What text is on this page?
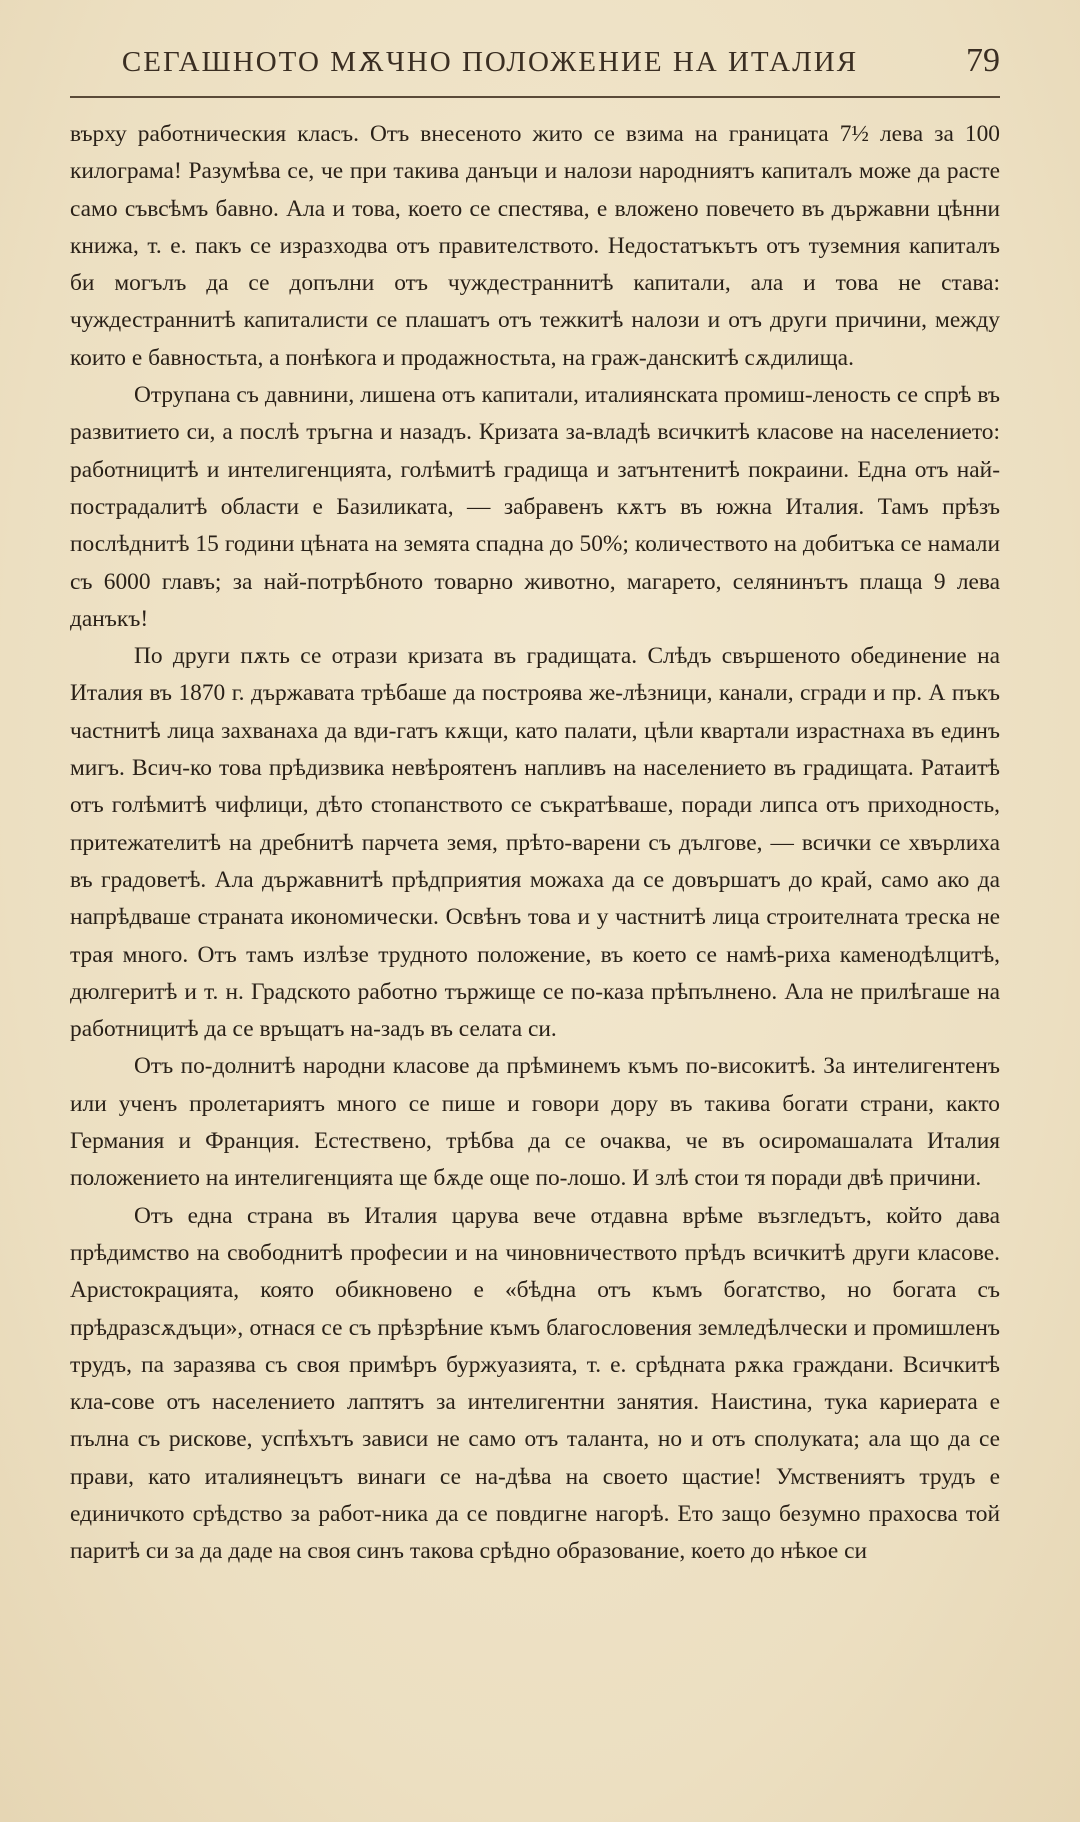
СЕГАШНОТО МѪЧНО ПОЛОЖЕНИЕ НА ИТАЛИЯ	79

върху работническия класъ. Отъ внесеното жито се взима на границата 7½ лева за 100 килограма! Разумѣва се, че при такива данъци и налози народниятъ капиталъ може да расте само съвсѣмъ бавно. Ала и това, което се спестява, е вложено повечето въ държавни цѣнни книжа, т. е. пакъ се изразходва отъ правителството. Недостатъкътъ отъ туземния капиталъ би могълъ да се допълни отъ чуждестраннитѣ капитали, ала и това не става: чуждестраннитѣ капиталисти се плашатъ отъ тежкитѣ налози и отъ други причини, между които е бавностьта, а понѣкога и продажностьта, на граж-данскитѣ сѫдилища.

Отрупана съ давнини, лишена отъ капитали, италиянската промиш-леность се спрѣ въ развитието си, а послѣ тръгна и назадъ. Кризата за-владѣ всичкитѣ класове на населението: работницитѣ и интелигенцията, голѣмитѣ градища и затънтенитѣ покраини. Една отъ най-пострадалитѣ области е Базиликата, — забравенъ кѫтъ въ южна Италия. Тамъ прѣзъ послѣднитѣ 15 години цѣната на земята спадна до 50%; количеството на добитъка се намали съ 6000 главъ; за най-потрѣбното товарно животно, магарето, селянинътъ плаща 9 лева данъкъ!

По други пѫть се отрази кризата въ градищата. Слѣдъ свършеното обединение на Италия въ 1870 г. държавата трѣбаше да построява же-лѣзници, канали, сгради и пр. А пъкъ частнитѣ лица захванаха да вди-гатъ кѫщи, като палати, цѣли квартали израстнаха въ единъ мигъ. Всич-ко това прѣдизвика невѣроятенъ напливъ на населението въ градищата. Ратаитѣ отъ голѣмитѣ чифлици, дѣто стопанството се съкратѣваше, поради липса отъ приходность, притежателитѣ на дребнитѣ парчета земя, прѣто-варени съ дългове, — всички се хвърлиха въ градоветѣ. Ала държавнитѣ прѣдприятия можаха да се довършатъ до край, само ако да напрѣдваше страната икономически. Освѣнъ това и у частнитѣ лица строителната треска не трая много. Отъ тамъ излѣзе трудното положение, въ което се намѣ-риха каменодѣлцитѣ, дюлгеритѣ и т. н. Градското работно тържище се по-каза прѣпълнено. Ала не прилѣгаше на работницитѣ да се връщатъ на-задъ въ селата си.

Отъ по-долнитѣ народни класове да прѣминемъ къмъ по-виcокитѣ. За интелигентенъ или ученъ пролетариятъ много се пише и говори дору въ такива богати страни, както Германия и Франция. Естествено, трѣбва да се очаква, че въ осиромашалата Италия положението на интелигенцията ще бѫде още по-лошо. И злѣ стои тя поради двѣ причини.

Отъ една страна въ Италия царува вече отдавна врѣме възгледътъ, който дава прѣдимство на свободнитѣ професии и на чиновничеството прѣдъ всичкитѣ други класове. Аристокрацията, която обикновено е «бѣдна отъ къмъ богатство, но богата съ прѣдразсѫдъци», отнася се съ прѣзрѣние къмъ благословения земледѣлчески и промишленъ трудъ, па заразява съ своя примѣръ буржуазията, т. е. срѣдната рѫка граждани. Всичкитѣ кла-сове отъ населението лаптятъ за интелигентни занятия. Наистина, тука кариерата е пълна съ рискове, успѣхътъ зависи не само отъ таланта, но и отъ сполуката; ала що да се прави, като италиянецътъ винаги се на-дѣва на своето щастие! Умствениятъ трудъ е единичкото срѣдство за работ-ника да се повдигне нагорѣ. Ето защо безумно прахосва той паритѣ си за да даде на своя синъ такова срѣдно образование, което до нѣкое си
